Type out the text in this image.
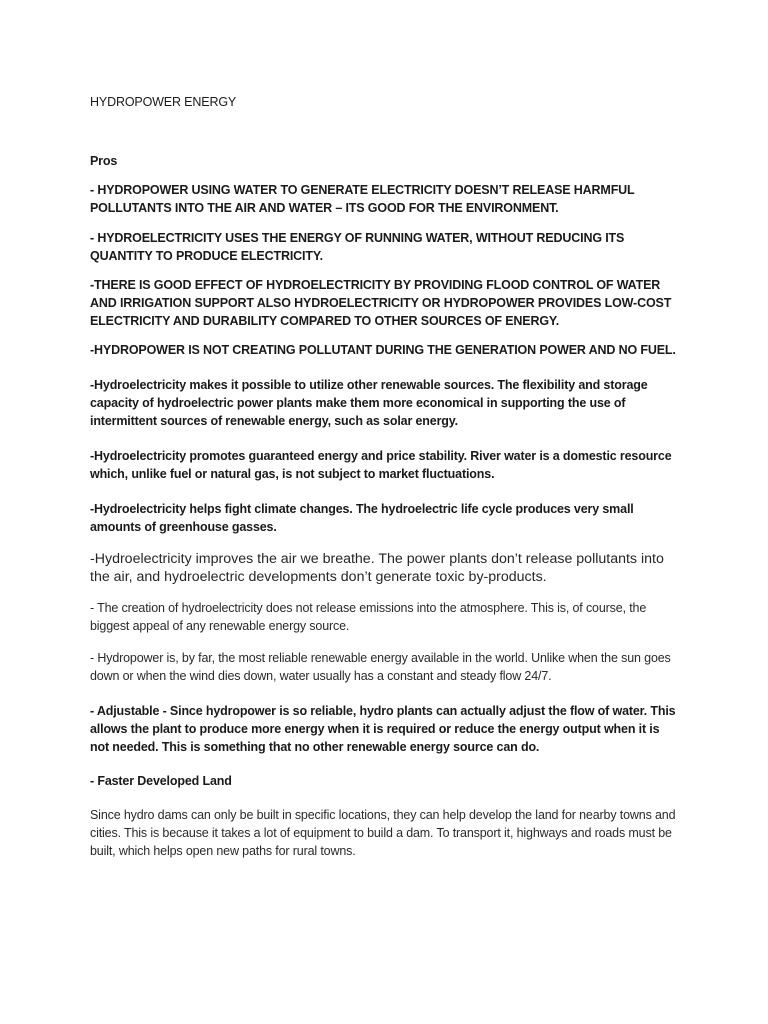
HYDROPOWER ENERGY

Pros

- HYDROPOWER USING WATER TO GENERATE ELECTRICITY DOESN’T RELEASE HARMFUL POLLUTANTS INTO THE AIR AND WATER – ITS GOOD FOR THE ENVIRONMENT.

- HYDROELECTRICITY USES THE ENERGY OF RUNNING WATER, WITHOUT REDUCING ITS QUANTITY TO PRODUCE ELECTRICITY.

-THERE IS GOOD EFFECT OF HYDROELECTRICITY BY PROVIDING FLOOD CONTROL OF WATER AND IRRIGATION SUPPORT ALSO HYDROELECTRICITY OR HYDROPOWER PROVIDES LOW-COST ELECTRICITY AND DURABILITY COMPARED TO OTHER SOURCES OF ENERGY.

-HYDROPOWER IS NOT CREATING POLLUTANT DURING THE GENERATION POWER AND NO FUEL.

-Hydroelectricity makes it possible to utilize other renewable sources. The flexibility and storage capacity of hydroelectric power plants make them more economical in supporting the use of intermittent sources of renewable energy, such as solar energy.

-Hydroelectricity promotes guaranteed energy and price stability. River water is a domestic resource which, unlike fuel or natural gas, is not subject to market fluctuations.

-Hydroelectricity helps fight climate changes. The hydroelectric life cycle produces very small amounts of greenhouse gasses.

-Hydroelectricity improves the air we breathe. The power plants don’t release pollutants into the air, and hydroelectric developments don’t generate toxic by-products.

- The creation of hydroelectricity does not release emissions into the atmosphere. This is, of course, the biggest appeal of any renewable energy source.

- Hydropower is, by far, the most reliable renewable energy available in the world. Unlike when the sun goes down or when the wind dies down, water usually has a constant and steady flow 24/7.

- Adjustable - Since hydropower is so reliable, hydro plants can actually adjust the flow of water. This allows the plant to produce more energy when it is required or reduce the energy output when it is not needed. This is something that no other renewable energy source can do.

- Faster Developed Land

Since hydro dams can only be built in specific locations, they can help develop the land for nearby towns and cities. This is because it takes a lot of equipment to build a dam. To transport it, highways and roads must be built, which helps open new paths for rural towns.
